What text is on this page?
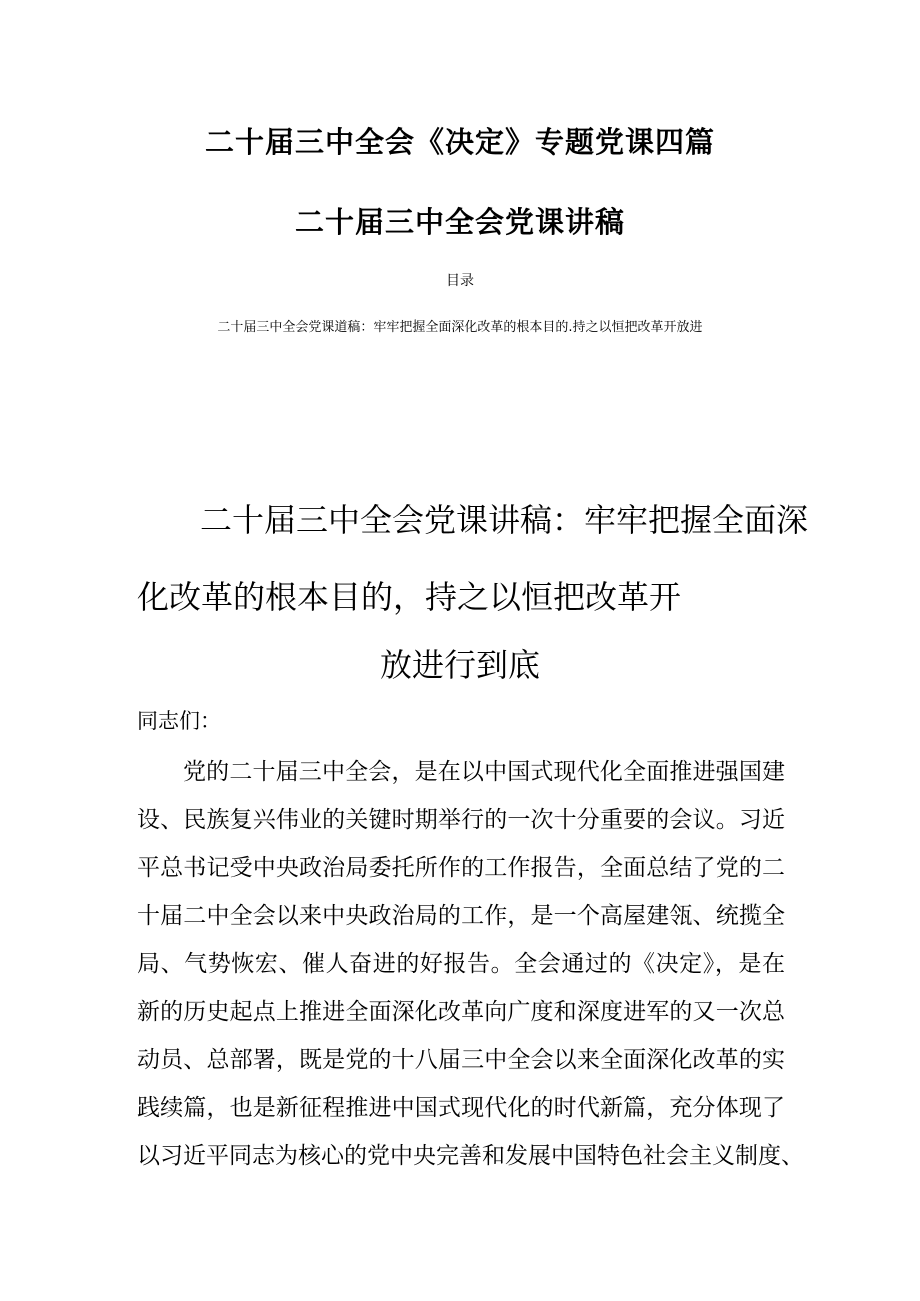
二十届三中全会《决定》专题党课四篇
二十届三中全会党课讲稿
目录
二十届三中全会党课道稿：牢牢把握全面深化改革的根本目的.持之以恒把改革开放进
二十届三中全会党课讲稿：牢牢把握全面深
化改革的根本目的，持之以恒把改革开
放进行到底
同志们：
党的二十届三中全会，是在以中国式现代化全面推进强国建
设、民族复兴伟业的关键时期举行的一次十分重要的会议。习近
平总书记受中央政治局委托所作的工作报告，全面总结了党的二
十届二中全会以来中央政治局的工作，是一个高屋建瓴、统揽全
局、气势恢宏、催人奋进的好报告。全会通过的《决定》，是在
新的历史起点上推进全面深化改革向广度和深度进军的又一次总
动员、总部署，既是党的十八届三中全会以来全面深化改革的实
践续篇，也是新征程推进中国式现代化的时代新篇，充分体现了
以习近平同志为核心的党中央完善和发展中国特色社会主义制度、
